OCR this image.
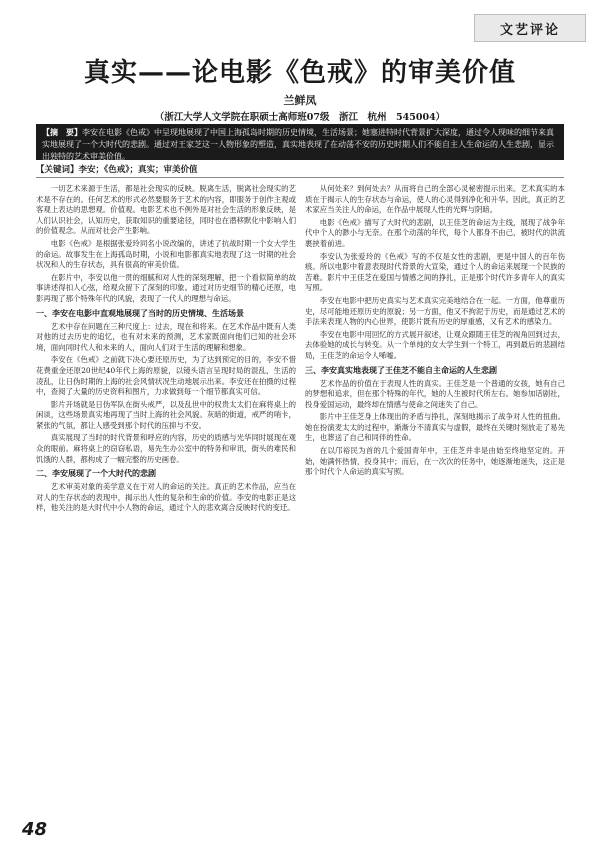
文艺评论
真实——论电影《色戒》的审美价值
兰鲜凤
（浙江大学人文学院在职硕士高师班07级　浙江　杭州　545004）
【摘　要】李安在电影《色戒》中呈现地展现了中国上海孤岛时期的历史情境，生活场景；她塞进特时代背景扩大深度，通过令人现味的细节来真实地展现了一个大时代的悲剧。通过对王家芝这一人物形象的塑造，真实地表现了在动荡不安的历史时期人们不能自主人生命运的人生悲剧，显示出独特的艺术审美价值。
【关键词】李安；《色戒》；真实；审美价值

一切艺术来源于生活，都是社会现实的反映。脱离生活，脱离社会现实的艺术是不存在的。任何艺术的形式必然要服务于艺术的内容，即服务于创作主观或客观上表达的思想观。价值观。电影艺术也不例外是对社会生活的形象反映，是人们认识社会，认知历史，获取知识的重要途径，同时也在潜移默化中影响人们的价值观念。从而对社会产生影响。

电影《色戒》是根据张爱玲同名小说改编的，讲述了抗战时期一个女大学生的命运。故事发生在上海孤岛时期，小说和电影都真实地表现了这一时期的社会状况和人的生存状态，具有很高的审美价值。

在影片中，李安以他一贯的细腻和对人性的深刻理解，把一个看似简单的故事讲述得扣人心弦，给观众留下了深刻的印象。通过对历史细节的精心还原，电影再现了那个特殊年代的风貌，表现了一代人的理想与命运。

一、李安在电影中直观地展现了当时的历史情境、生活场景

艺术中存在问题在三种尺度上：过去，现在和将来。在艺术作品中既有人类对他的过去历史的追忆，也有对未来的预测，艺术家既面向他们已知的社会环境，面向同时代人和未来的人，面向人们对于生活的理解和想象。

李安在《色戒》之前就下决心要还原历史，为了达到预定的目的，李安不惜花费重金还原20世纪40年代上海的原貌，以镜头语言呈现时局的混乱，生活的凌乱，让日伪时期的上海的社会风情状况生动地展示出来。李安还在拍摄的过程中，查阅了大量的历史资料和图片，力求做到每一个细节都真实可信。

影片开场就是日伪军队在街头戒严，以及乱世中的权贵太太们在麻将桌上的闲谈，这些场景真实地再现了当时上海的社会风貌。灰暗的街道，戒严的哨卡，紧张的气氛，都让人感受到那个时代的压抑与不安。

真实展现了当时的时代背景和呼应的内容，历史的质感与光华同时展现在观众的眼前。麻将桌上的窃窃私语，易先生办公室中的特务和审讯，街头的难民和饥饿的人群，都构成了一幅完整的历史画卷。

二、李安展现了一个大时代的悲剧

艺术审美对象的美学意义在于对人的命运的关注。真正的艺术作品，应当在对人的生存状态的表现中，揭示出人性的复杂和生命的价值。李安的电影正是这样，他关注的是大时代中小人物的命运，通过个人的悲欢离合反映时代的变迁。

从何处来？到何处去？从而将自己的全部心灵秘密提示出来。艺术真实的本质在于揭示人的生存状态与命运，使人的心灵得到净化和升华。因此，真正的艺术家应当关注人的命运，在作品中展现人性的光辉与阴暗。

电影《色戒》描写了大时代的悲剧，以王佳芝的命运为主线，展现了战争年代中个人的渺小与无奈。在那个动荡的年代，每个人都身不由己，被时代的洪流裹挟着前进。

李安认为张爱玲的《色戒》写的不仅是女性的悲剧，更是中国人的百年伤痕。所以电影中着意表现时代背景的大宣染，通过个人的命运来展现一个民族的苦难。影片中王佳芝在爱国与情感之间的挣扎，正是那个时代许多青年人的真实写照。

李安在电影中把历史真实与艺术真实完美地结合在一起。一方面，他尊重历史，尽可能地还原历史的原貌；另一方面，他又不拘泥于历史，而是通过艺术的手法来表现人物的内心世界，使影片既有历史的厚重感，又有艺术的感染力。

李安在电影中用回忆的方式展开叙述，让观众跟随王佳芝的视角回到过去，去体验她的成长与转变。从一个单纯的女大学生到一个特工，再到最后的悲剧结局，王佳芝的命运令人唏嘘。

三、李安真实地表现了王佳芝不能自主命运的人生悲剧

艺术作品的价值在于表现人性的真实。王佳芝是一个普通的女孩，她有自己的梦想和追求，但在那个特殊的年代，她的人生被时代所左右。她参加话剧社，投身爱国运动，最终却在情感与使命之间迷失了自己。

影片中王佳芝身上体现出的矛盾与挣扎，深刻地揭示了战争对人性的扭曲。她在扮演麦太太的过程中，渐渐分不清真实与虚假，最终在关键时刻放走了易先生，也葬送了自己和同伴的性命。

在以邝裕民为首的几个爱国青年中，王佳芝并非是由始至终地坚定的。开始，她满怀热情，投身其中；而后，在一次次的任务中，她逐渐地迷失，这正是那个时代个人命运的真实写照。

48
